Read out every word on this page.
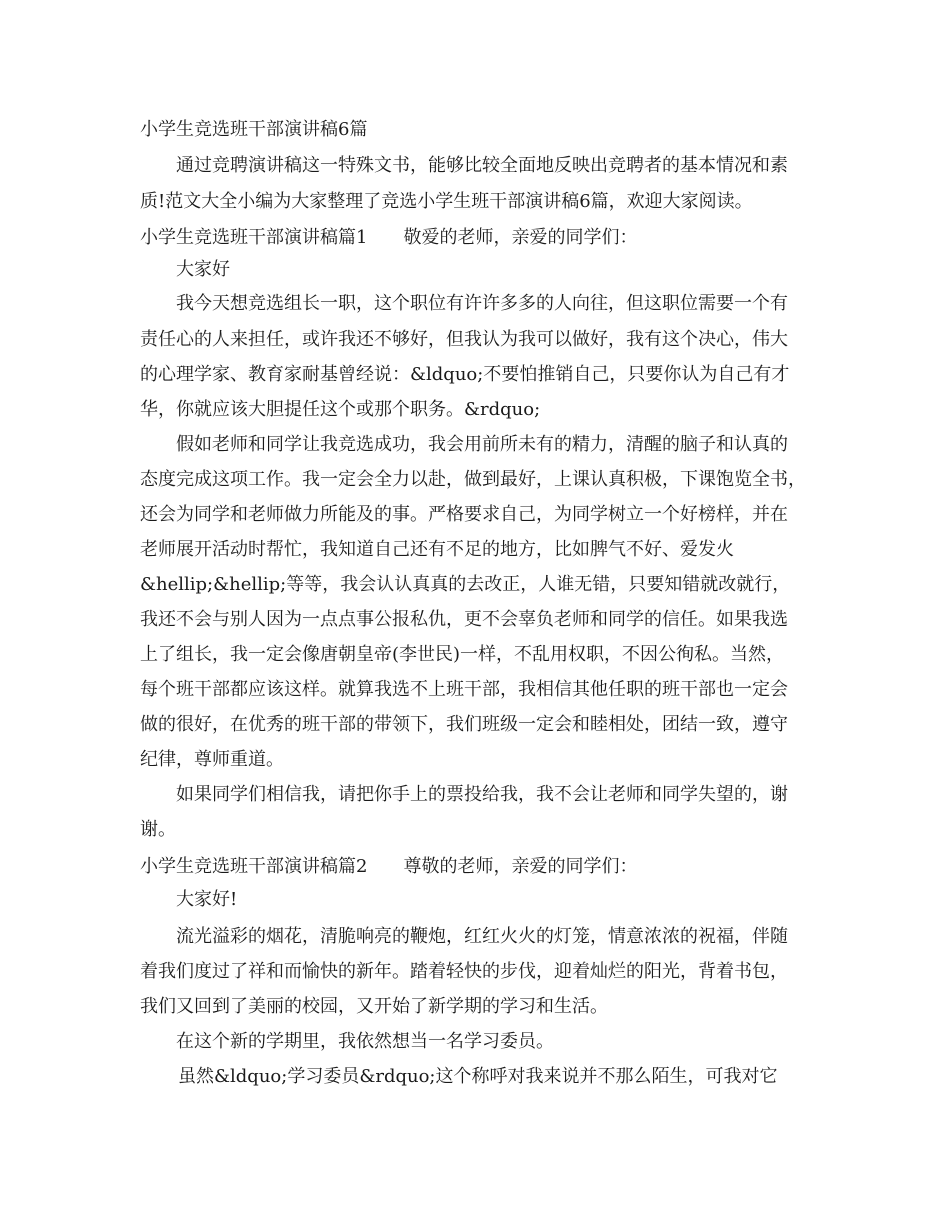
小学生竞选班干部演讲稿6篇
通过竞聘演讲稿这一特殊文书，能够比较全面地反映出竞聘者的基本情况和素
质!范文大全小编为大家整理了竞选小学生班干部演讲稿6篇，欢迎大家阅读。
小学生竞选班干部演讲稿篇1 敬爱的老师，亲爱的同学们：
大家好
我今天想竞选组长一职，这个职位有许许多多的人向往，但这职位需要一个有
责任心的人来担任，或许我还不够好，但我认为我可以做好，我有这个决心，伟大
的心理学家、教育家耐基曾经说：&ldquo;不要怕推销自己，只要你认为自己有才
华，你就应该大胆提任这个或那个职务。&rdquo;
假如老师和同学让我竞选成功，我会用前所未有的精力，清醒的脑子和认真的
态度完成这项工作。我一定会全力以赴，做到最好，上课认真积极，下课饱览全书，
还会为同学和老师做力所能及的事。严格要求自己，为同学树立一个好榜样，并在
老师展开活动时帮忙，我知道自己还有不足的地方，比如脾气不好、爱发火
&hellip;&hellip;等等，我会认认真真的去改正，人谁无错，只要知错就改就行，
我还不会与别人因为一点点事公报私仇，更不会辜负老师和同学的信任。如果我选
上了组长，我一定会像唐朝皇帝(李世民)一样，不乱用权职，不因公徇私。当然，
每个班干部都应该这样。就算我选不上班干部，我相信其他任职的班干部也一定会
做的很好，在优秀的班干部的带领下，我们班级一定会和睦相处，团结一致，遵守
纪律，尊师重道。
如果同学们相信我，请把你手上的票投给我，我不会让老师和同学失望的，谢
谢。
小学生竞选班干部演讲稿篇2 尊敬的老师，亲爱的同学们：
大家好!
流光溢彩的烟花，清脆响亮的鞭炮，红红火火的灯笼，情意浓浓的祝福，伴随
着我们度过了祥和而愉快的新年。踏着轻快的步伐，迎着灿烂的阳光，背着书包，
我们又回到了美丽的校园，又开始了新学期的学习和生活。
在这个新的学期里，我依然想当一名学习委员。
虽然&ldquo;学习委员&rdquo;这个称呼对我来说并不那么陌生，可我对它
